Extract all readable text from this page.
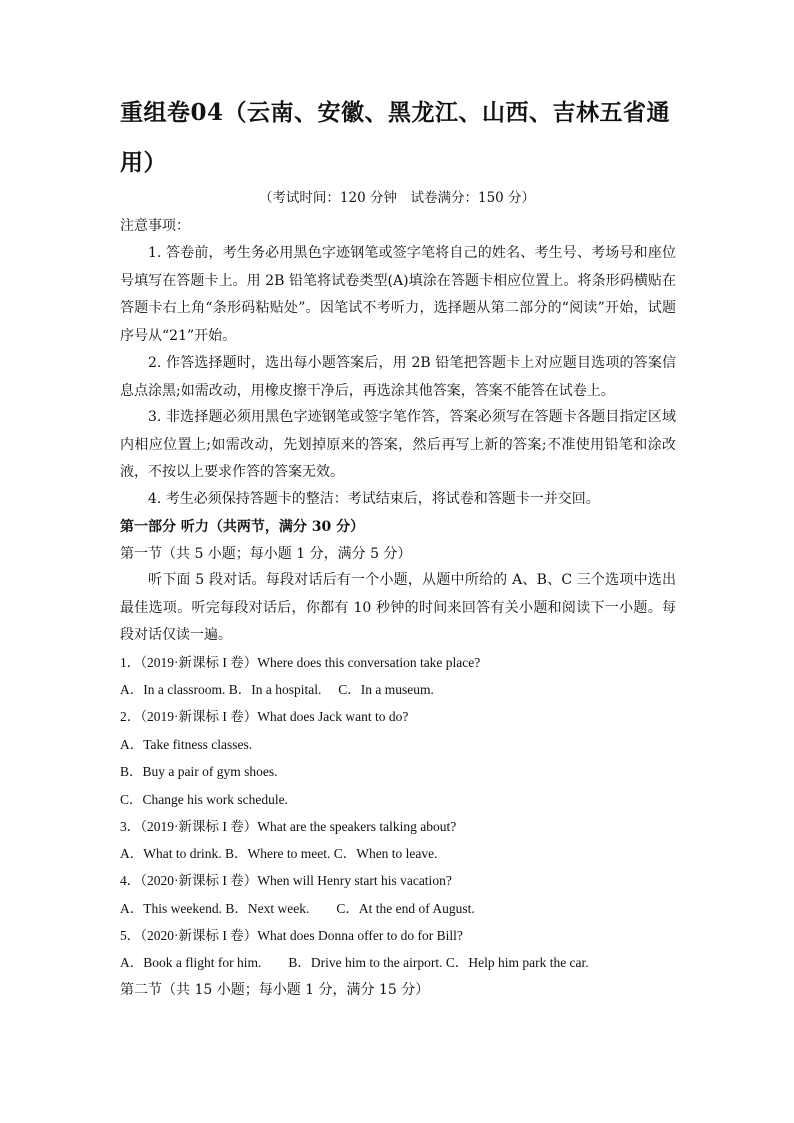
重组卷04（云南、安徽、黑龙江、山西、吉林五省通用）
（考试时间：120 分钟　试卷满分：150 分）
注意事项：
1. 答卷前，考生务必用黑色字迹钢笔或签字笔将自己的姓名、考生号、考场号和座位号填写在答题卡上。用 2B 铅笔将试卷类型(A)填涂在答题卡相应位置上。将条形码横贴在答题卡右上角“条形码粘贴处”。因笔试不考听力，选择题从第二部分的“阅读”开始，试题序号从“21”开始。
2. 作答选择题时，选出每小题答案后，用 2B 铅笔把答题卡上对应题目选项的答案信息点涂黑;如需改动，用橡皮擦干净后，再选涂其他答案，答案不能答在试卷上。
3. 非选择题必须用黑色字迹钢笔或签字笔作答，答案必须写在答题卡各题目指定区域内相应位置上;如需改动，先划掉原来的答案，然后再写上新的答案;不准使用铅笔和涂改液，不按以上要求作答的答案无效。
4. 考生必须保持答题卡的整洁：考试结束后，将试卷和答题卡一并交回。
第一部分 听力（共两节，满分 30 分）
第一节（共 5 小题；每小题 1 分，满分 5 分）
听下面 5 段对话。每段对话后有一个小题，从题中所给的 A、B、C 三个选项中选出最佳选项。听完每段对话后，你都有 10 秒钟的时间来回答有关小题和阅读下一小题。每段对话仅读一遍。
1．（2019·新课标 I 卷）Where does this conversation take place?
A．In a classroom. B．In a hospital.　 C．In a museum.
2．（2019·新课标 I 卷）What does Jack want to do?
A．Take fitness classes.
B．Buy a pair of gym shoes.
C．Change his work schedule.
3．（2019·新课标 I 卷）What are the speakers talking about?
A．What to drink. B．Where to meet. C．When to leave.
4．（2020·新课标 I 卷）When will Henry start his vacation?
A．This weekend. B．Next week.　　C．At the end of August.
5．（2020·新课标 I 卷）What does Donna offer to do for Bill?
A．Book a flight for him.　　B．Drive him to the airport. C．Help him park the car.
第二节（共 15 小题；每小题 1 分，满分 15 分）
